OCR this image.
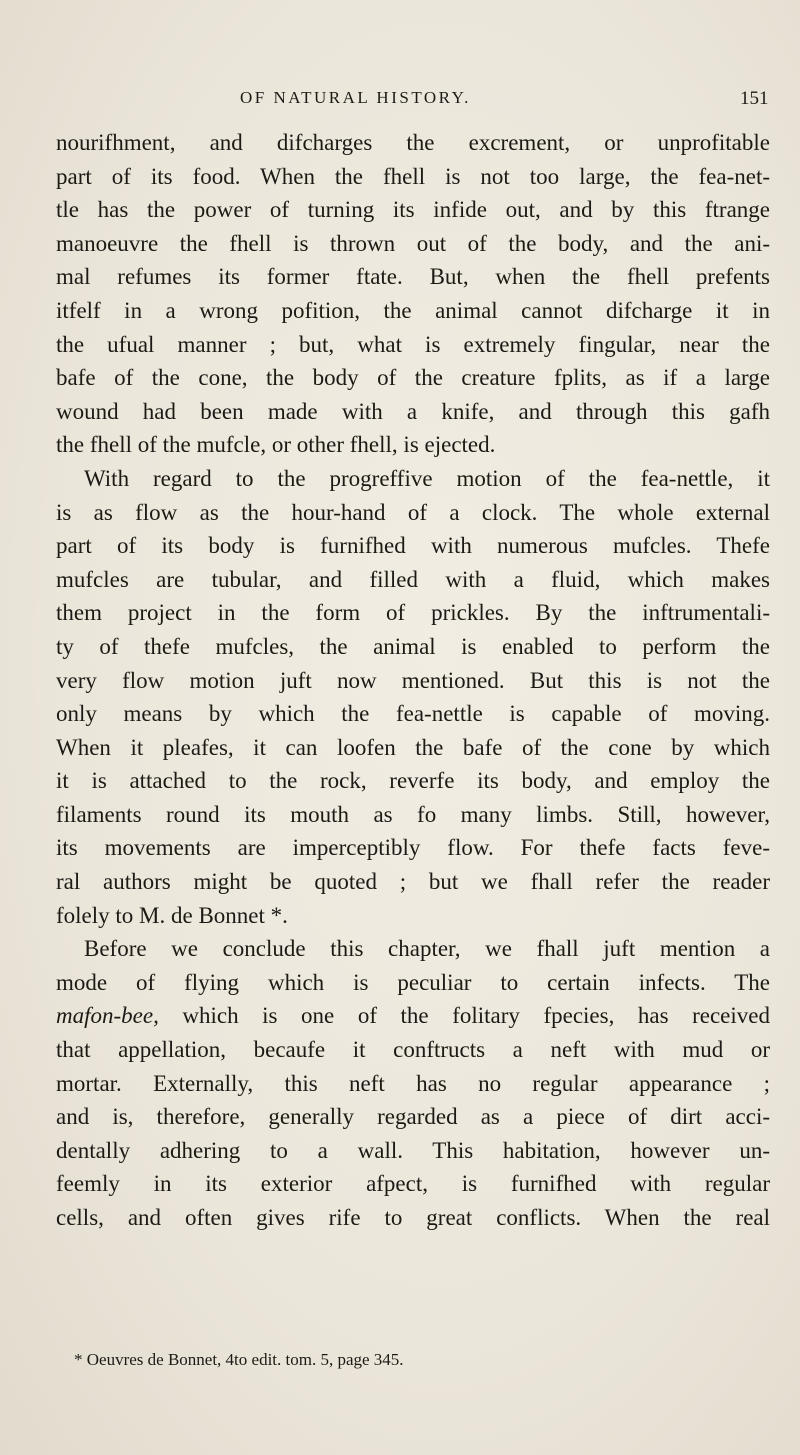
OF NATURAL HISTORY.	151
nourifhment, and difcharges the excrement, or unprofitable
part of its food. When the fhell is not too large, the fea-net-
tle has the power of turning its infide out, and by this ftrange
manoeuvre the fhell is thrown out of the body, and the ani-
mal refumes its former ftate. But, when the fhell prefents
itfelf in a wrong pofition, the animal cannot difcharge it in
the ufual manner ; but, what is extremely fingular, near the
bafe of the cone, the body of the creature fplits, as if a large
wound had been made with a knife, and through this gafh
the fhell of the mufcle, or other fhell, is ejected.
With regard to the progreffive motion of the fea-nettle, it
is as flow as the hour-hand of a clock. The whole external
part of its body is furnifhed with numerous mufcles. Thefe
mufcles are tubular, and filled with a fluid, which makes
them project in the form of prickles. By the inftrumentali-
ty of thefe mufcles, the animal is enabled to perform the
very flow motion juft now mentioned. But this is not the
only means by which the fea-nettle is capable of moving.
When it pleafes, it can loofen the bafe of the cone by which
it is attached to the rock, reverfe its body, and employ the
filaments round its mouth as fo many limbs. Still, however,
its movements are imperceptibly flow. For thefe facts feve-
ral authors might be quoted ; but we fhall refer the reader
folely to M. de Bonnet *.
Before we conclude this chapter, we fhall juft mention a
mode of flying which is peculiar to certain infects. The
mafon-bee, which is one of the folitary fpecies, has received
that appellation, becaufe it conftructs a neft with mud or
mortar. Externally, this neft has no regular appearance ;
and is, therefore, generally regarded as a piece of dirt acci-
dentally adhering to a wall. This habitation, however un-
feemly in its exterior afpect, is furnifhed with regular
cells, and often gives rife to great conflicts. When the real
* Oeuvres de Bonnet, 4to edit. tom. 5, page 345.
